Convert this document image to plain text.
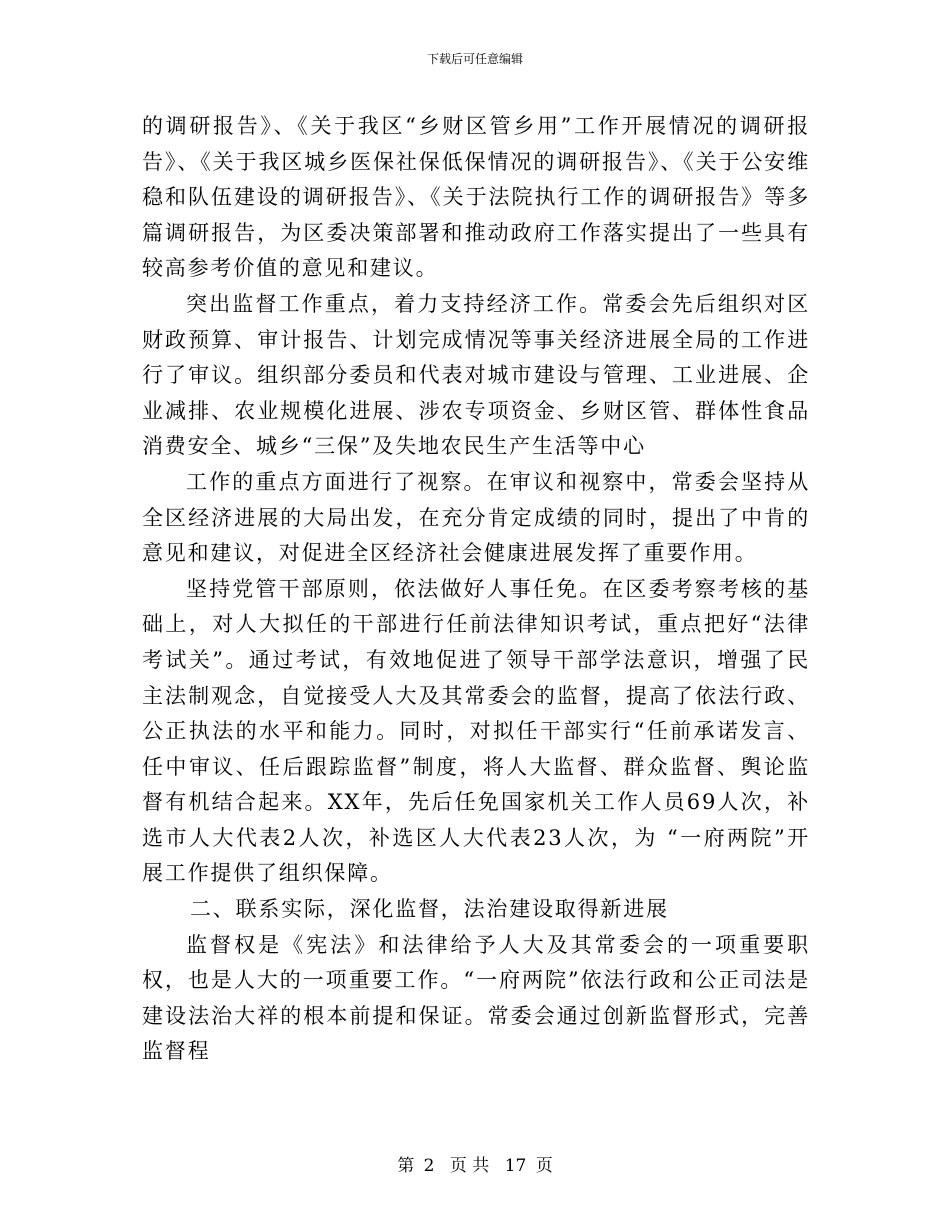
下载后可任意编辑

的调研报告》、《关于我区“乡财区管乡用”工作开展情况的调研报告》、《关于我区城乡医保社保低保情况的调研报告》、《关于公安维稳和队伍建设的调研报告》、《关于法院执行工作的调研报告》等多篇调研报告，为区委决策部署和推动政府工作落实提出了一些具有较高参考价值的意见和建议。

突出监督工作重点，着力支持经济工作。常委会先后组织对区财政预算、审计报告、计划完成情况等事关经济进展全局的工作进行了审议。组织部分委员和代表对城市建设与管理、工业进展、企业减排、农业规模化进展、涉农专项资金、乡财区管、群体性食品消费安全、城乡“三保”及失地农民生产生活等中心

工作的重点方面进行了视察。在审议和视察中，常委会坚持从全区经济进展的大局出发，在充分肯定成绩的同时，提出了中肯的意见和建议，对促进全区经济社会健康进展发挥了重要作用。

坚持党管干部原则，依法做好人事任免。在区委考察考核的基础上，对人大拟任的干部进行任前法律知识考试，重点把好“法律考试关”。通过考试，有效地促进了领导干部学法意识，增强了民主法制观念，自觉接受人大及其常委会的监督，提高了依法行政、公正执法的水平和能力。同时，对拟任干部实行“任前承诺发言、任中审议、任后跟踪监督”制度，将人大监督、群众监督、舆论监督有机结合起来。XX年，先后任免国家机关工作人员69人次，补选市人大代表2人次，补选区人大代表23人次，为 “一府两院”开展工作提供了组织保障。

二、联系实际，深化监督，法治建设取得新进展

监督权是《宪法》和法律给予人大及其常委会的一项重要职权，也是人大的一项重要工作。“一府两院”依法行政和公正司法是建设法治大祥的根本前提和保证。常委会通过创新监督形式，完善监督程

第 2 页 共 17 页
